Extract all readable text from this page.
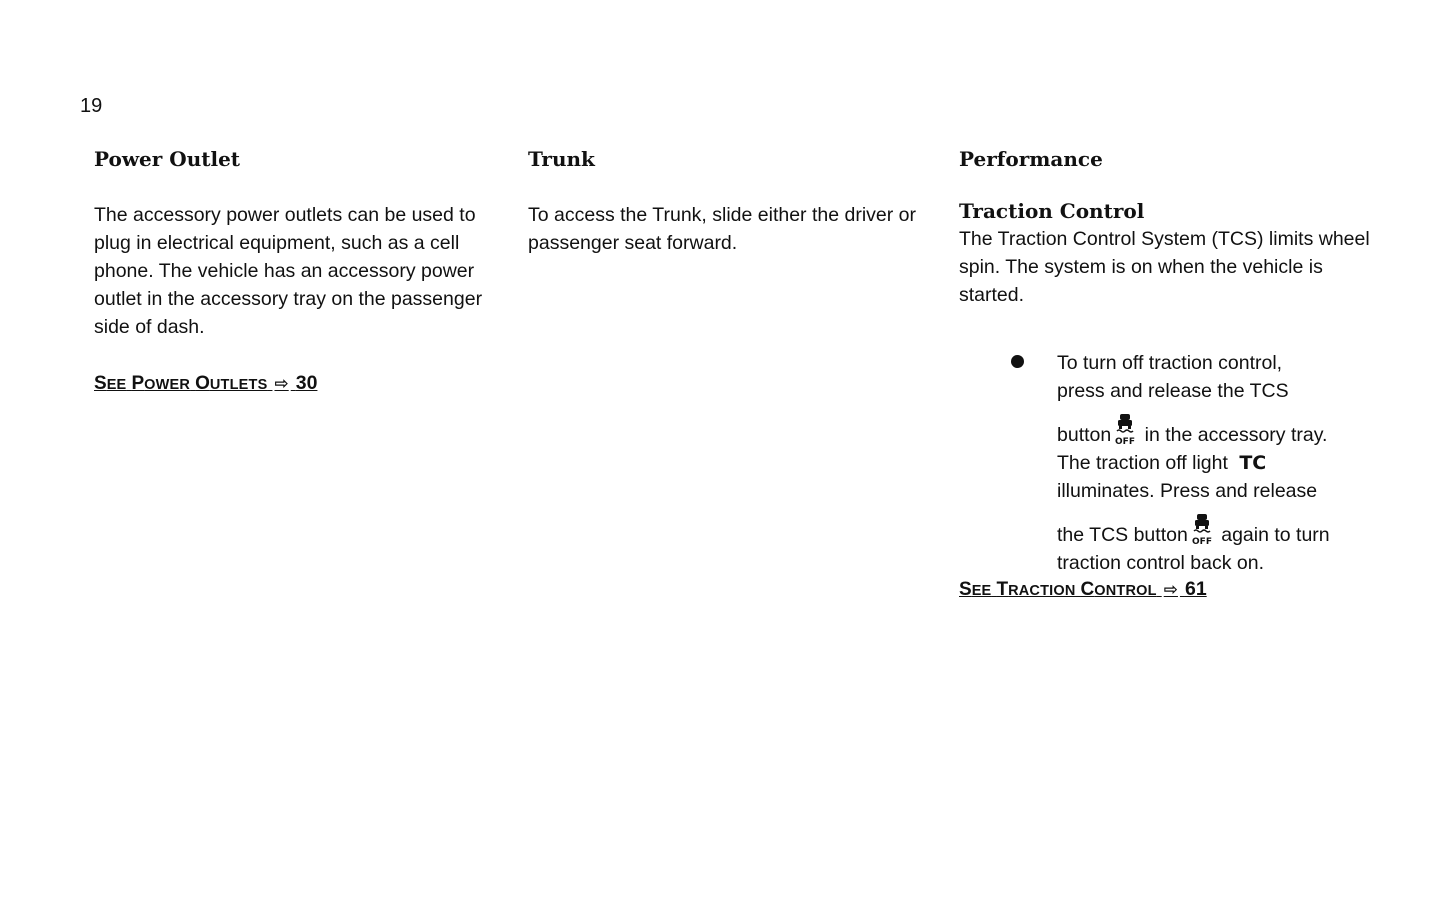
19
Power Outlet

The accessory power outlets can be used to plug in electrical equipment, such as a cell phone. The vehicle has an accessory power outlet in the accessory tray on the passenger side of dash.

SEE POWER OUTLETS ⇨ 30
Trunk

To access the Trunk, slide either the driver or passenger seat forward.

Performance
Traction Control

The Traction Control System (TCS) limits wheel spin. The system is on when the vehicle is started.

To turn off traction control,
press and release the TCS
button OFF in the accessory tray.
The traction off light TC
illuminates. Press and release
the TCS button OFF again to turn
traction control back on.
SEE TRACTION CONTROL ⇨ 61
